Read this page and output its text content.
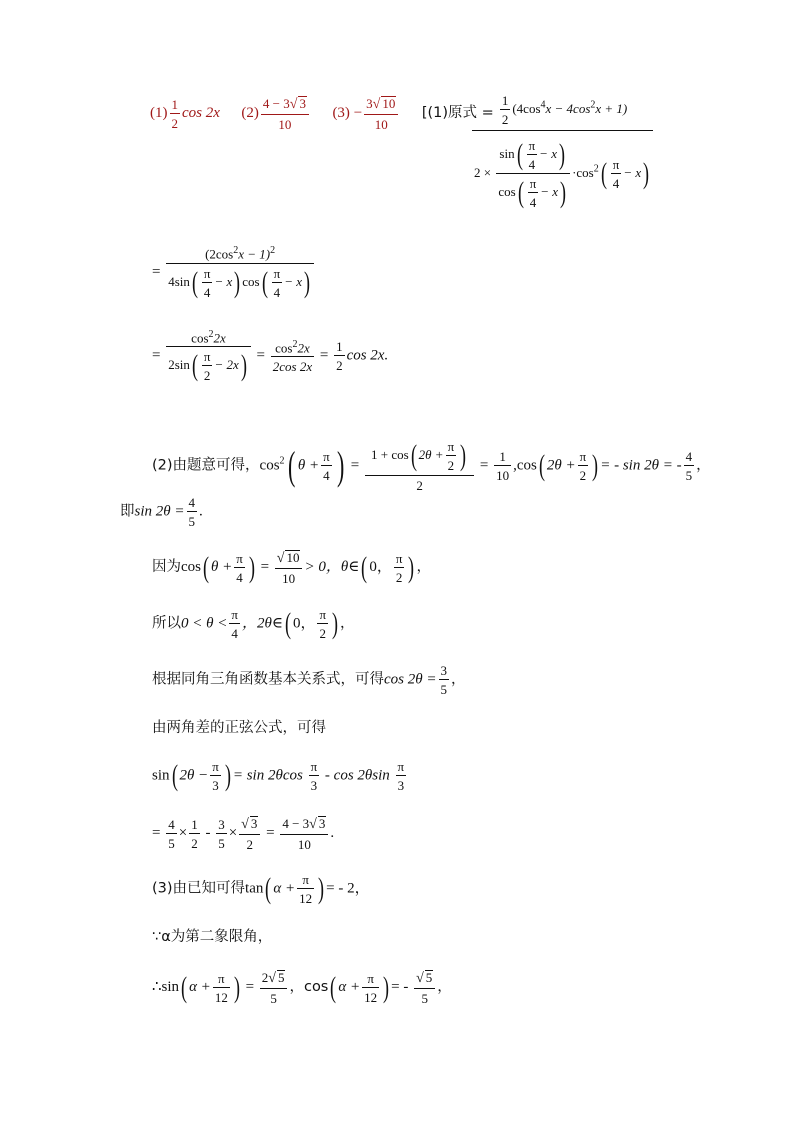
$(1) \frac{1}{2}$ cos 2x $(2) \frac{4 - 3√ 3}{10} (3) - \frac{3√ 10}{10} [(1)$原式 = $\frac{1}{2} (4\cos^4x - 4\cos^2x + 1)$
$2 \times \frac{\sin( \frac{\pi}{4} - x)}{\cos( \frac{\pi}{4} - x)} \cdot\cos^2( \frac{\pi}{4} - x)$
= $\frac{(2\cos^2x - 1)^2}{4\sin( \frac{\pi}{4} - x) \cos( \frac{\pi}{4} - x)}$
= $\frac{\cos^22x}{2\sin( \frac{\pi}{2} - 2x)} = \frac{\cos^22x}{2\cos 2x} = \frac{1}{2}$ cos 2x.
(2)由题意可得，$\cos^2$( $\theta + \frac{\pi}{4}$ ) = $\frac{1 + \cos( 2\theta + \frac{\pi}{2} )}{2} = \frac{1}{10} ,\cos$( $2\theta + \frac{\pi}{2}$ ) = - sin 2θ = - $\frac{4}{5}$ ，
即$\sin 2\theta = \frac{4}{5}$ .
因为cos( $\theta + \frac{\pi}{4}$ ) = $\frac{√ 10}{10} > 0$，θ∈( 0， $\frac{\pi}{2}$ ) ，
所以$0 < \theta < \frac{\pi}{4}$ ，2θ∈( 0， $\frac{\pi}{2}$ ) ，
根据同角三角函数基本关系式，可得$\cos 2\theta = \frac{3}{5}$ ，
由两角差的正弦公式，可得
sin( $2\theta - \frac{\pi}{3}$ ) = $\sin 2\theta\cos \frac{\pi}{3}$ - $\cos 2\theta\sin \frac{\pi}{3}$
= $\frac{4}{5} \times \frac{1}{2} - \frac{3}{5} \times \frac{√ 3}{2} = \frac{4 - 3√ 3}{10}$ .
(3)由已知可得tan( $\alpha + \frac{\pi}{12}$ ) = - 2，
∵α为第二象限角，
∴sin( $\alpha + \frac{\pi}{12}$ ) = $\frac{2√ 5}{5}$ ，cos( $\alpha + \frac{\pi}{12}$ ) = - $\frac{√ 5}{5}$ ，
